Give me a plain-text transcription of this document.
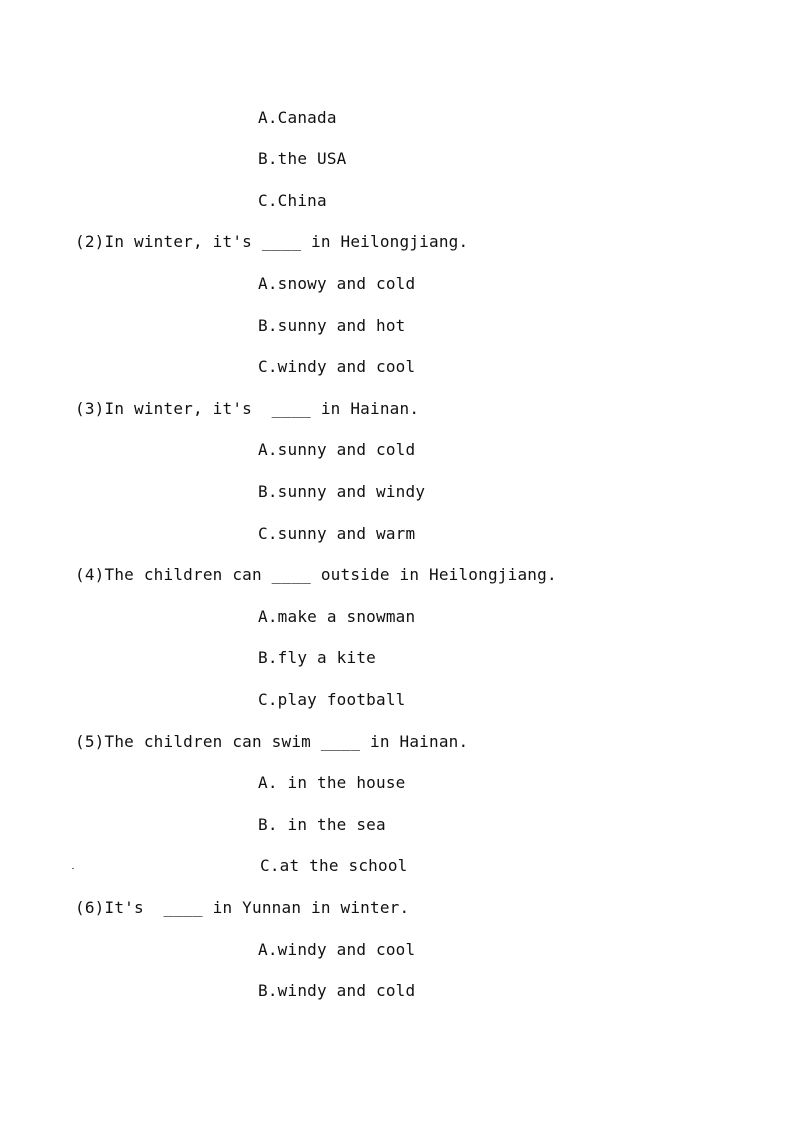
A.Canada
B.the USA
C.China
(2)In winter, it's ____ in Heilongjiang.
A.snowy and cold
B.sunny and hot
C.windy and cool
(3)In winter, it's  ____ in Hainan.
A.sunny and cold
B.sunny and windy
C.sunny and warm
(4)The children can ____ outside in Heilongjiang.
A.make a snowman
B.fly a kite
C.play football
(5)The children can swim ____ in Hainan.
A. in the house
B. in the sea
C.at the school
(6)It's  ____ in Yunnan in winter.
A.windy and cool
B.windy and cold
